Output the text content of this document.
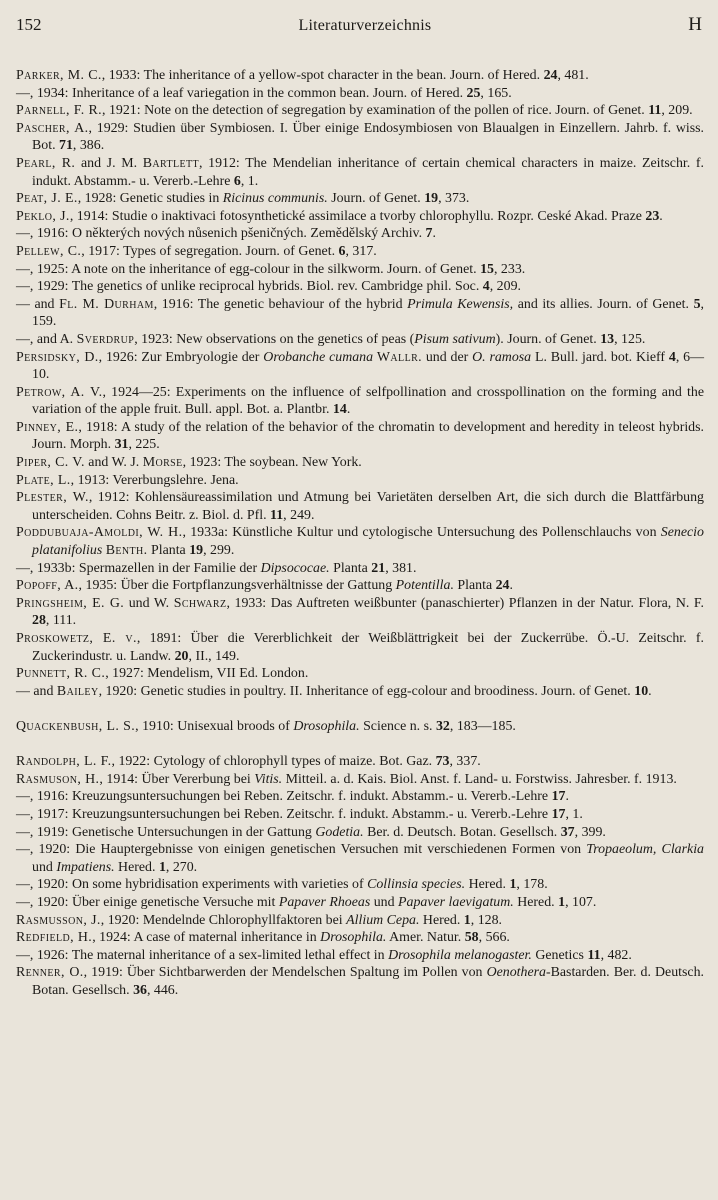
152	Literaturverzeichnis	H

Parker, M. C., 1933: The inheritance of a yellow-spot character in the bean. Journ. of Hered. 24, 481.

—, 1934: Inheritance of a leaf variegation in the common bean. Journ. of Hered. 25, 165.

Parnell, F. R., 1921: Note on the detection of segregation by examination of the pollen of rice. Journ. of Genet. 11, 209.

Pascher, A., 1929: Studien über Symbiosen. I. Über einige Endosymbiosen von Blaualgen in Einzellern. Jahrb. f. wiss. Bot. 71, 386.

Pearl, R. and J. M. Bartlett, 1912: The Mendelian inheritance of certain chemical characters in maize. Zeitschr. f. indukt. Abstamm.- u. Vererb.-Lehre 6, 1.

Peat, J. E., 1928: Genetic studies in Ricinus communis. Journ. of Genet. 19, 373.

Peklo, J., 1914: Studie o inaktivaci fotosynthetické assimilace a tvorby chlorophyllu. Rozpr. Ceské Akad. Praze 23.

—, 1916: O některých nových nůsenich pšeničných. Zemědělský Archiv. 7.

Pellew, C., 1917: Types of segregation. Journ. of Genet. 6, 317.

—, 1925: A note on the inheritance of egg-colour in the silkworm. Journ. of Genet. 15, 233.

—, 1929: The genetics of unlike reciprocal hybrids. Biol. rev. Cambridge phil. Soc. 4, 209.

— and Fl. M. Durham, 1916: The genetic behaviour of the hybrid Primula Kewensis, and its allies. Journ. of Genet. 5, 159.

—, and A. Sverdrup, 1923: New observations on the genetics of peas (Pisum sativum). Journ. of Genet. 13, 125.

Persidsky, D., 1926: Zur Embryologie der Orobanche cumana Wallr. und der O. ramosa L. Bull. jard. bot. Kieff 4, 6—10.

Petrow, A. V., 1924—25: Experiments on the influence of selfpollination and crosspollination on the forming and the variation of the apple fruit. Bull. appl. Bot. a. Plantbr. 14.

Pinney, E., 1918: A study of the relation of the behavior of the chromatin to development and heredity in teleost hybrids. Journ. Morph. 31, 225.

Piper, C. V. and W. J. Morse, 1923: The soybean. New York.

Plate, L., 1913: Vererbungslehre. Jena.

Plester, W., 1912: Kohlensäureassimilation und Atmung bei Varietäten derselben Art, die sich durch die Blattfärbung unterscheiden. Cohns Beitr. z. Biol. d. Pfl. 11, 249.

Poddubuaja-Amoldi, W. H., 1933a: Künstliche Kultur und cytologische Untersuchung des Pollenschlauchs von Senecio platanifolius Benth. Planta 19, 299.

—, 1933b: Spermazellen in der Familie der Dipsococae. Planta 21, 381.

Popoff, A., 1935: Über die Fortpflanzungsverhältnisse der Gattung Potentilla. Planta 24.

Pringsheim, E. G. und W. Schwarz, 1933: Das Auftreten weißbunter (panaschierter) Pflanzen in der Natur. Flora, N. F. 28, 111.

Proskowetz, E. v., 1891: Über die Vererblichkeit der Weißblättrigkeit bei der Zuckerrübe. Ö.-U. Zeitschr. f. Zuckerindustr. u. Landw. 20, II., 149.

Punnett, R. C., 1927: Mendelism, VII Ed. London.

— and Bailey, 1920: Genetic studies in poultry. II. Inheritance of egg-colour and broodiness. Journ. of Genet. 10.

Quackenbush, L. S., 1910: Unisexual broods of Drosophila. Science n. s. 32, 183—185.

Randolph, L. F., 1922: Cytology of chlorophyll types of maize. Bot. Gaz. 73, 337.

Rasmuson, H., 1914: Über Vererbung bei Vitis. Mitteil. a. d. Kais. Biol. Anst. f. Land- u. Forstwiss. Jahresber. f. 1913.

—, 1916: Kreuzungsuntersuchungen bei Reben. Zeitschr. f. indukt. Abstamm.- u. Vererb.-Lehre 17.

—, 1917: Kreuzungsuntersuchungen bei Reben. Zeitschr. f. indukt. Abstamm.- u. Vererb.-Lehre 17, 1.

—, 1919: Genetische Untersuchungen in der Gattung Godetia. Ber. d. Deutsch. Botan. Gesellsch. 37, 399.

—, 1920: Die Hauptergebnisse von einigen genetischen Versuchen mit verschiedenen Formen von Tropaeolum, Clarkia und Impatiens. Hered. 1, 270.

—, 1920: On some hybridisation experiments with varieties of Collinsia species. Hered. 1, 178.

—, 1920: Über einige genetische Versuche mit Papaver Rhoeas und Papaver laevigatum. Hered. 1, 107.

Rasmusson, J., 1920: Mendelnde Chlorophyllfaktoren bei Allium Cepa. Hered. 1, 128.

Redfield, H., 1924: A case of maternal inheritance in Drosophila. Amer. Natur. 58, 566.

—, 1926: The maternal inheritance of a sex-limited lethal effect in Drosophila melanogaster. Genetics 11, 482.

Renner, O., 1919: Über Sichtbarwerden der Mendelschen Spaltung im Pollen von Oenothera-Bastarden. Ber. d. Deutsch. Botan. Gesellsch. 36, 446.
